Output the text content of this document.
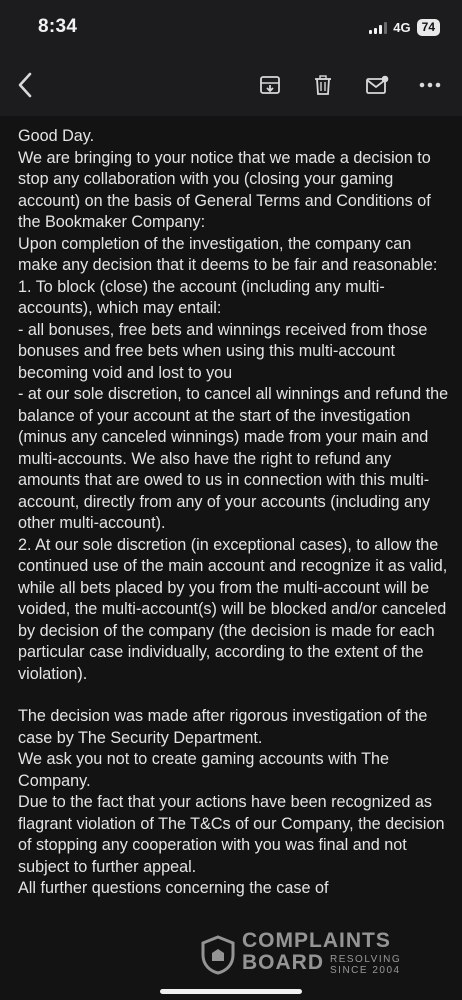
8:34	4G 74

Good Day.

We are bringing to your notice that we made a decision to stop any collaboration with you (closing your gaming account) on the basis of General Terms and Conditions of the Bookmaker Company:

Upon completion of the investigation, the company can make any decision that it deems to be fair and reasonable:

1. To block (close) the account (including any multi-accounts), which may entail:

- all bonuses, free bets and winnings received from those bonuses and free bets when using this multi-account becoming void and lost to you

- at our sole discretion, to cancel all winnings and refund the balance of your account at the start of the investigation (minus any canceled winnings) made from your main and multi-accounts. We also have the right to refund any amounts that are owed to us in connection with this multi-account, directly from any of your accounts (including any other multi-account).

2. At our sole discretion (in exceptional cases), to allow the continued use of the main account and recognize it as valid, while all bets placed by you from the multi-account will be voided, the multi-account(s) will be blocked and/or canceled by decision of the company (the decision is made for each particular case individually, according to the extent of the violation).

The decision was made after rigorous investigation of the case by The Security Department.

We ask you not to create gaming accounts with The Company.

Due to the fact that your actions have been recognized as flagrant violation of The T&Cs of our Company, the decision of stopping any cooperation with you was final and not subject to further appeal.

All further questions concerning the case of

COMPLAINTS
BOARD RESOLVING
SINCE 2004
